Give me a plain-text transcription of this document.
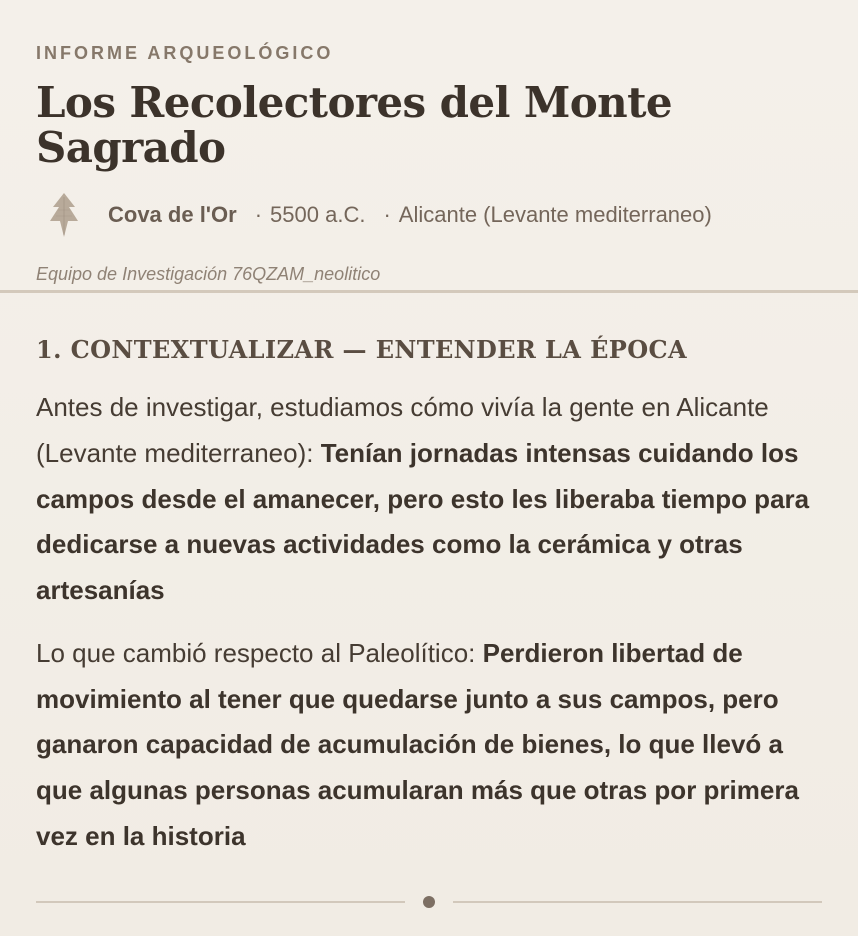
INFORME ARQUEOLÓGICO
Los Recolectores del Monte Sagrado
Cova de l'Or · 5500 a.C. · Alicante (Levante mediterraneo)
Equipo de Investigación 76QZAM_neolitico
1. CONTEXTUALIZAR — ENTENDER LA ÉPOCA

Antes de investigar, estudiamos cómo vivía la gente en Alicante (Levante mediterraneo): Tenían jornadas intensas cuidando los campos desde el amanecer, pero esto les liberaba tiempo para dedicarse a nuevas actividades como la cerámica y otras artesanías

Lo que cambió respecto al Paleolítico: Perdieron libertad de movimiento al tener que quedarse junto a sus campos, pero ganaron capacidad de acumulación de bienes, lo que llevó a que algunas personas acumularan más que otras por primera vez en la historia
